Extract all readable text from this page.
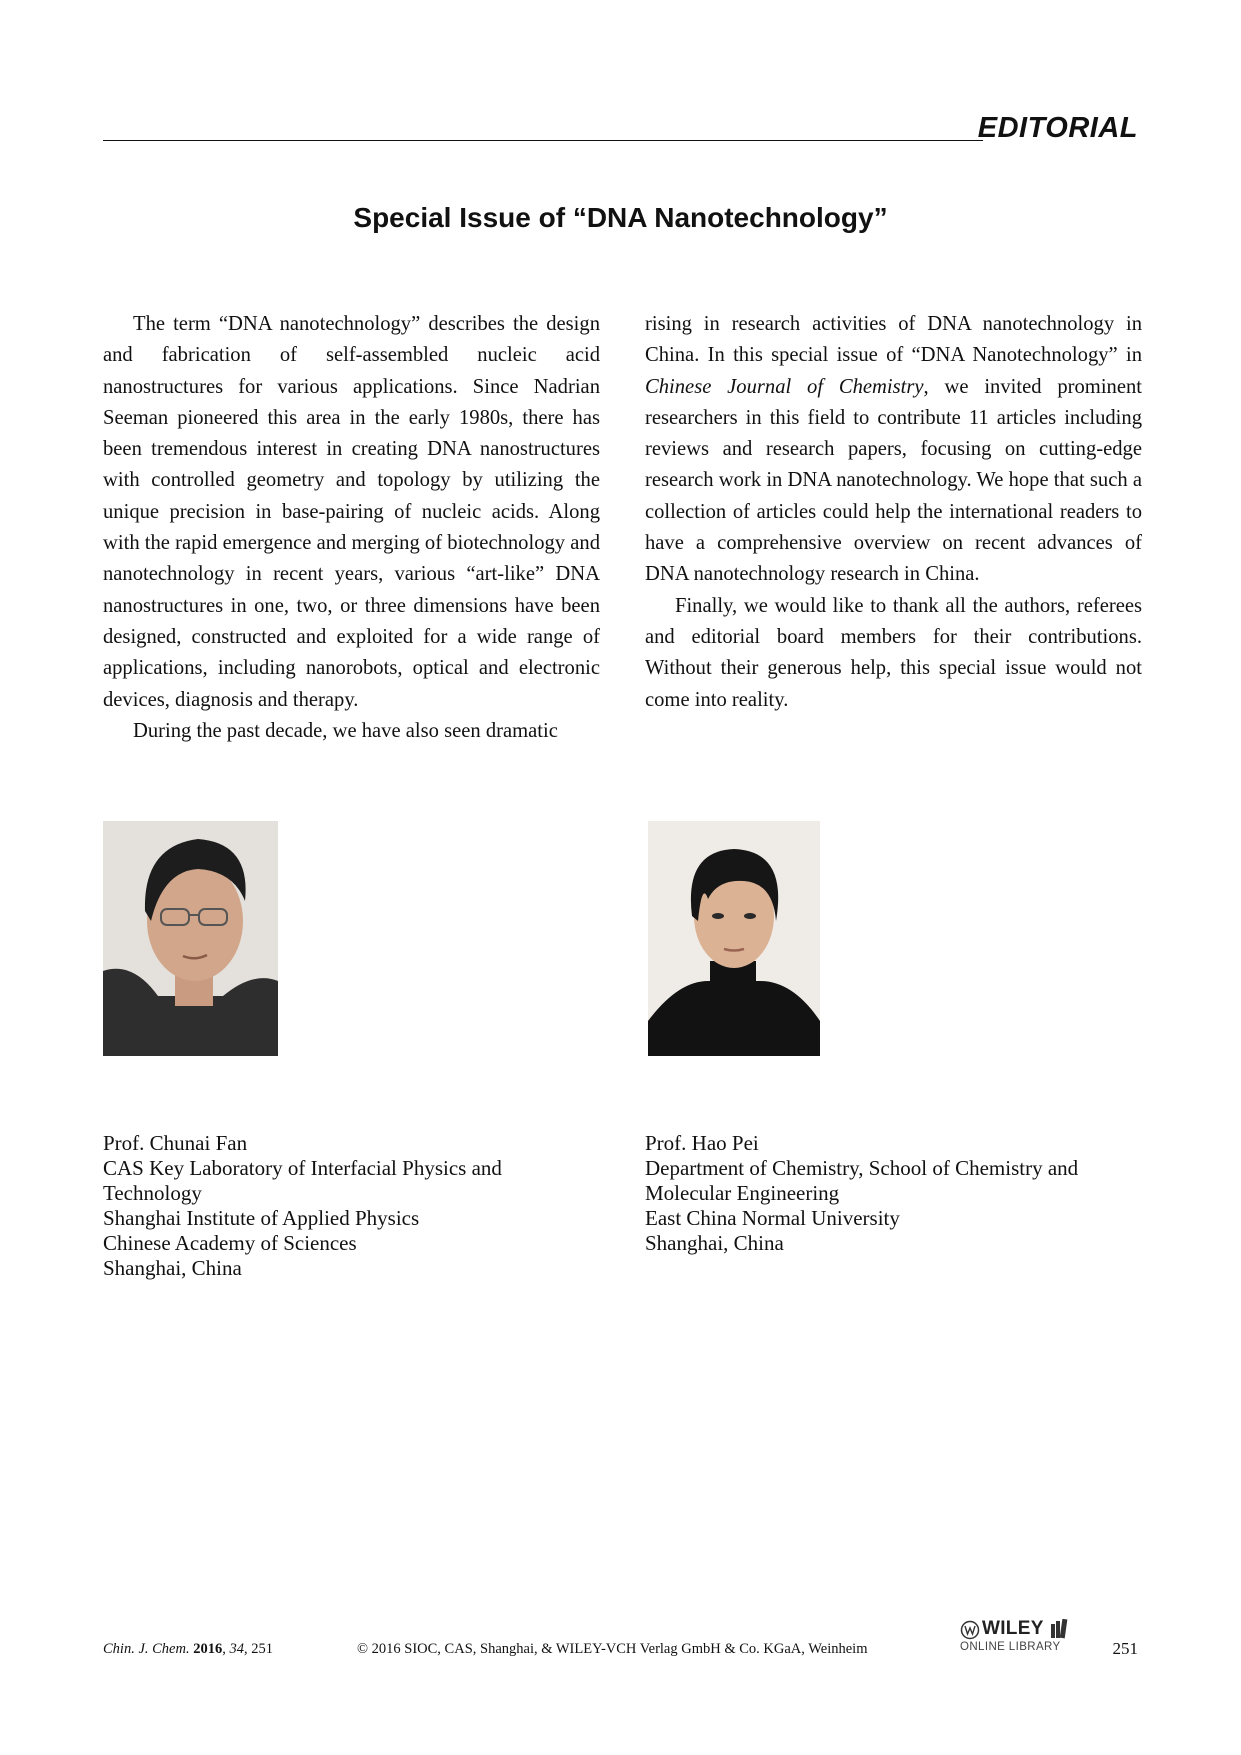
EDITORIAL
Special Issue of “DNA Nanotechnology”

The term “DNA nanotechnology” describes the design and fabrication of self-assembled nucleic acid nanostructures for various applications. Since Nadrian Seeman pioneered this area in the early 1980s, there has been tremendous interest in creating DNA nanostructures with controlled geometry and topology by utilizing the unique precision in base-pairing of nucleic acids. Along with the rapid emergence and merging of biotechnology and nanotechnology in recent years, various “art-like” DNA nanostructures in one, two, or three dimensions have been designed, constructed and exploited for a wide range of applications, including nanorobots, optical and electronic devices, diagnosis and therapy.

During the past decade, we have also seen dramatic

rising in research activities of DNA nanotechnology in China. In this special issue of “DNA Nanotechnology” in Chinese Journal of Chemistry, we invited prominent researchers in this field to contribute 11 articles including reviews and research papers, focusing on cutting-edge research work in DNA nanotechnology. We hope that such a collection of articles could help the international readers to have a comprehensive overview on recent advances of DNA nanotechnology research in China.

Finally, we would like to thank all the authors, referees and editorial board members for their contributions. Without their generous help, this special issue would not come into reality.

Prof. Chunai Fan
CAS Key Laboratory of Interfacial Physics and
Technology
Shanghai Institute of Applied Physics
Chinese Academy of Sciences
Shanghai, China
Prof. Hao Pei
Department of Chemistry, School of Chemistry and
Molecular Engineering
East China Normal University
Shanghai, China
Chin. J. Chem. 2016, 34, 251	© 2016 SIOC, CAS, Shanghai, & WILEY-VCH Verlag GmbH & Co. KGaA, Weinheim
WILEY
ONLINE LIBRARY	251
